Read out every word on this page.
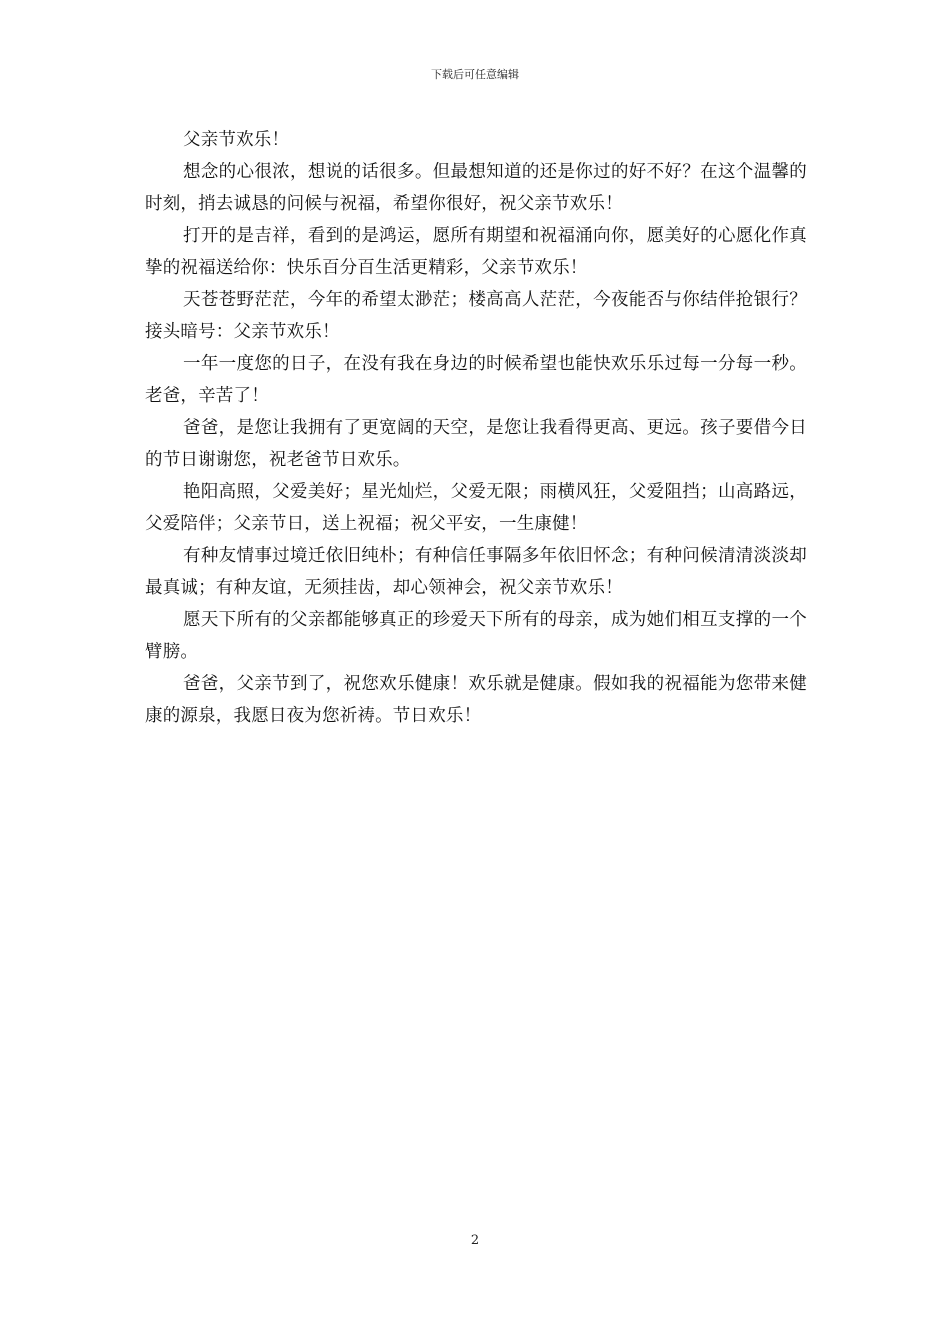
下载后可任意编辑

父亲节欢乐！

想念的心很浓，想说的话很多。但最想知道的还是你过的好不好？在这个温馨的时刻，捎去诚恳的问候与祝福，希望你很好，祝父亲节欢乐！

打开的是吉祥，看到的是鸿运，愿所有期望和祝福涌向你，愿美好的心愿化作真挚的祝福送给你：快乐百分百生活更精彩，父亲节欢乐！

天苍苍野茫茫，今年的希望太渺茫；楼高高人茫茫，今夜能否与你结伴抢银行？接头暗号：父亲节欢乐！

一年一度您的日子，在没有我在身边的时候希望也能快欢乐乐过每一分每一秒。老爸，辛苦了！

爸爸，是您让我拥有了更宽阔的天空，是您让我看得更高、更远。孩子要借今日的节日谢谢您，祝老爸节日欢乐。

艳阳高照，父爱美好；星光灿烂，父爱无限；雨横风狂，父爱阻挡；山高路远，父爱陪伴；父亲节日，送上祝福；祝父平安，一生康健！

有种友情事过境迁依旧纯朴；有种信任事隔多年依旧怀念；有种问候清清淡淡却最真诚；有种友谊，无须挂齿，却心领神会，祝父亲节欢乐！

愿天下所有的父亲都能够真正的珍爱天下所有的母亲，成为她们相互支撑的一个臂膀。

爸爸，父亲节到了，祝您欢乐健康！欢乐就是健康。假如我的祝福能为您带来健康的源泉，我愿日夜为您祈祷。节日欢乐！

2
